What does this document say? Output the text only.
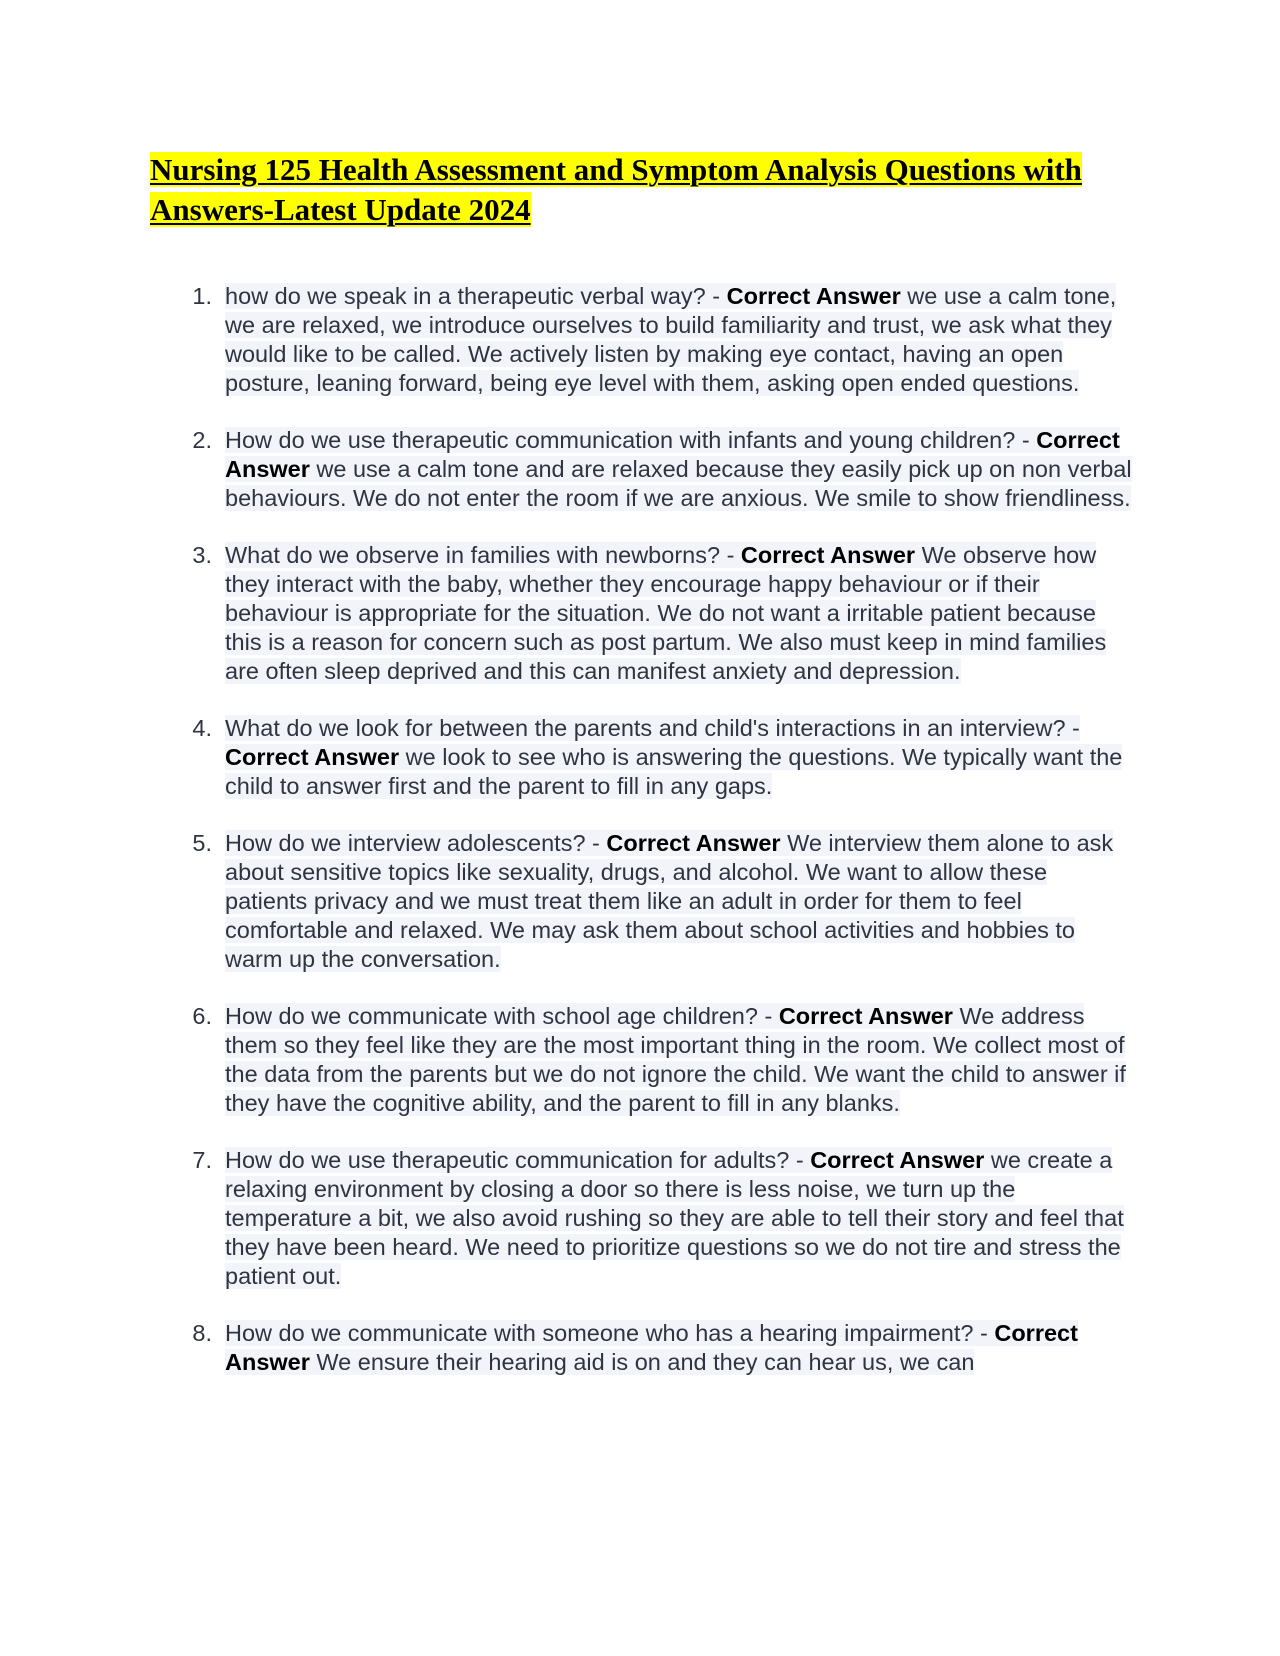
Nursing 125 Health Assessment and Symptom Analysis Questions with Answers-Latest Update 2024
1. how do we speak in a therapeutic verbal way? - Correct Answer we use a calm tone, we are relaxed, we introduce ourselves to build familiarity and trust, we ask what they would like to be called. We actively listen by making eye contact, having an open posture, leaning forward, being eye level with them, asking open ended questions.
2. How do we use therapeutic communication with infants and young children? - Correct Answer we use a calm tone and are relaxed because they easily pick up on non verbal behaviours. We do not enter the room if we are anxious. We smile to show friendliness.
3. What do we observe in families with newborns? - Correct Answer We observe how they interact with the baby, whether they encourage happy behaviour or if their behaviour is appropriate for the situation. We do not want a irritable patient because this is a reason for concern such as post partum. We also must keep in mind families are often sleep deprived and this can manifest anxiety and depression.
4. What do we look for between the parents and child's interactions in an interview? - Correct Answer we look to see who is answering the questions. We typically want the child to answer first and the parent to fill in any gaps.
5. How do we interview adolescents? - Correct Answer We interview them alone to ask about sensitive topics like sexuality, drugs, and alcohol. We want to allow these patients privacy and we must treat them like an adult in order for them to feel comfortable and relaxed. We may ask them about school activities and hobbies to warm up the conversation.
6. How do we communicate with school age children? - Correct Answer We address them so they feel like they are the most important thing in the room. We collect most of the data from the parents but we do not ignore the child. We want the child to answer if they have the cognitive ability, and the parent to fill in any blanks.
7. How do we use therapeutic communication for adults? - Correct Answer we create a relaxing environment by closing a door so there is less noise, we turn up the temperature a bit, we also avoid rushing so they are able to tell their story and feel that they have been heard. We need to prioritize questions so we do not tire and stress the patient out.
8. How do we communicate with someone who has a hearing impairment? - Correct Answer We ensure their hearing aid is on and they can hear us, we can
